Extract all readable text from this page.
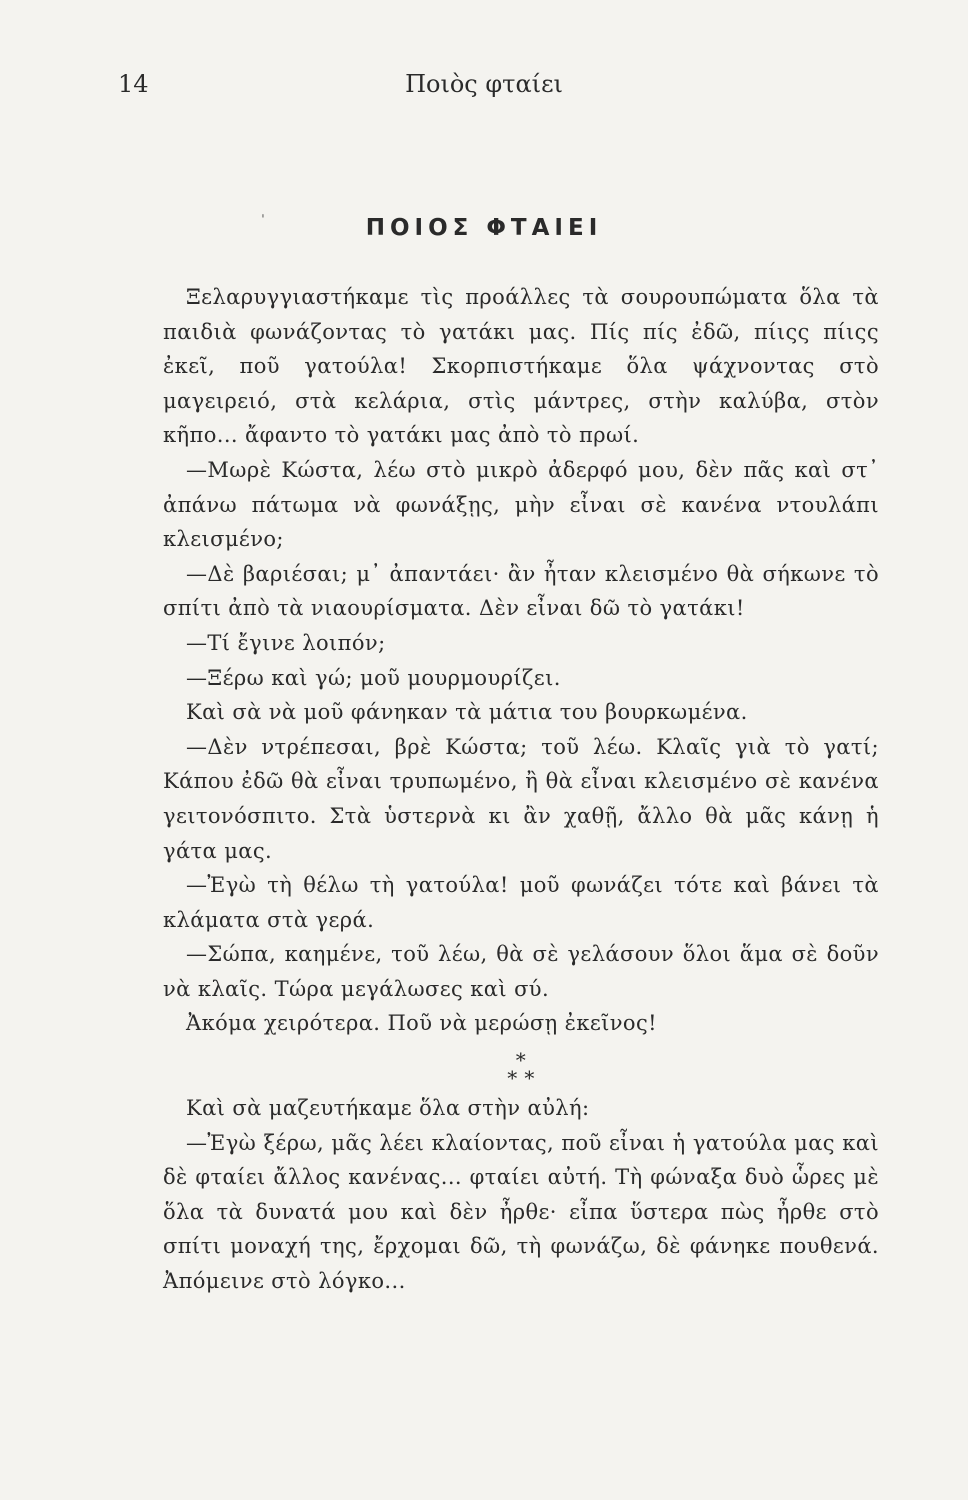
14	Ποιὸς φταίει
ˈ	ΠΟΙΟΣ ΦΤΑΙΕΙ

Ξελαρυγγιαστήκαμε τὶς προάλλες τὰ σουρουπώματα ὅλα τὰ παιδιὰ φωνάζοντας τὸ γατάκι μας. Πίς πίς ἐδῶ, πίιςς πίιςς ἐκεῖ, ποῦ γατούλα! Σκορπιστήκαμε ὅλα ψάχνοντας στὸ μαγειρειό, στὰ κελάρια, στὶς μάντρες, στὴν καλύβα, στὸν κῆπο... ἄφαντο τὸ γατάκι μας ἀπὸ τὸ πρωί.

—Μωρὲ Κώστα, λέω στὸ μικρὸ ἀδερφό μου, δὲν πᾶς καὶ στ᾽ ἀπάνω πάτωμα νὰ φωνάξῃς, μὴν εἶναι σὲ κανένα ντουλάπι κλεισμένο;

—Δὲ βαριέσαι; μ᾽ ἀπαντάει· ἂν ἦταν κλεισμένο θὰ σήκωνε τὸ σπίτι ἀπὸ τὰ νιαουρίσματα. Δὲν εἶναι δῶ τὸ γατάκι!

—Τί ἔγινε λοιπόν;

—Ξέρω καὶ γώ; μοῦ μουρμουρίζει.

Καὶ σὰ νὰ μοῦ φάνηκαν τὰ μάτια του βουρκωμένα.

—Δὲν ντρέπεσαι, βρὲ Κώστα; τοῦ λέω. Κλαῖς γιὰ τὸ γατί; Κάπου ἐδῶ θὰ εἶναι τρυπωμένο, ἢ θὰ εἶναι κλεισμένο σὲ κανένα γειτονόσπιτο. Στὰ ὑστερνὰ κι ἂν χαθῇ, ἄλλο θὰ μᾶς κάνῃ ἡ γάτα μας.

—Ἐγὼ τὴ θέλω τὴ γατούλα! μοῦ φωνάζει τότε καὶ βάνει τὰ κλάματα στὰ γερά.

—Σώπα, καημένε, τοῦ λέω, θὰ σὲ γελάσουν ὅλοι ἅμα σὲ δοῦν νὰ κλαῖς. Τώρα μεγάλωσες καὶ σύ.

Ἀκόμα χειρότερα. Ποῦ νὰ μερώσῃ ἐκεῖνος!

*
* *

Καὶ σὰ μαζευτήκαμε ὅλα στὴν αὐλή:

—Ἐγὼ ξέρω, μᾶς λέει κλαίοντας, ποῦ εἶναι ἡ γατούλα μας καὶ δὲ φταίει ἄλλος κανένας... φταίει αὐτή. Τὴ φώναξα δυὸ ὧρες μὲ ὅλα τὰ δυνατά μου καὶ δὲν ἦρθε· εἶπα ὕστερα πὼς ἦρθε στὸ σπίτι μοναχή της, ἔρχομαι δῶ, τὴ φωνάζω, δὲ φάνηκε πουθενά. Ἀπόμεινε στὸ λόγκο...
